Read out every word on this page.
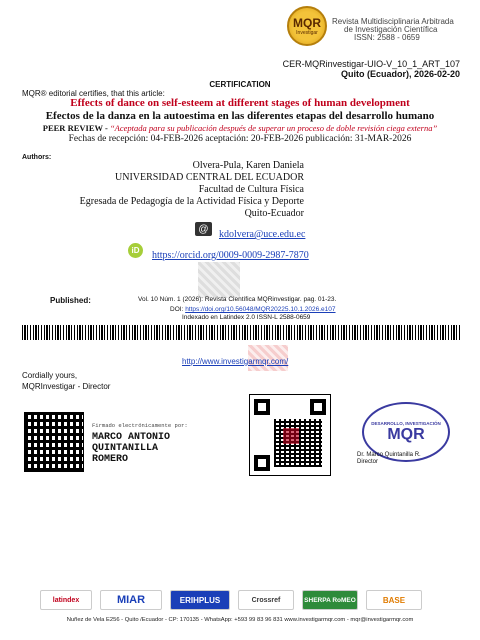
MQR
Investigar
Revista Multidisciplinaria Arbitrada
de Investigación Científica
ISSN: 2588 - 0659
CER-MQRinvestigar-UIO-V_10_1_ART_107
Quito (Ecuador), 2026-02-20
CERTIFICATION
MQR® editorial certifies, that this article:
Effects of dance on self-esteem at different stages of human development
Efectos de la danza en la autoestima en las diferentes etapas del desarrollo humano
PEER REVIEW - “Aceptada para su publicación después de superar un proceso de doble revisión ciega externa”
Fechas de recepción: 04-FEB-2026 aceptación: 20-FEB-2026 publicación: 31-MAR-2026
Authors:
Olvera-Pula, Karen Daniela
UNIVERSIDAD CENTRAL DEL ECUADOR
Facultad de Cultura Física
Egresada de Pedagogía de la Actividad Física y Deporte
Quito-Ecuador
@	kdolvera@uce.edu.ec
iD	https://orcid.org/0009-0009-2987-7870
Published:	Vol. 10 Núm. 1 (2026): Revista Científica MQRinvestigar. pag. 01-23.
DOI: https://doi.org/10.56048/MQR20225.10.1.2026.e107
Indexado en Latindex 2.0 ISSN-L 2588-0659
http://www.investigarmqr.com/
Cordially yours,
MQRInvestigar - Director
Firmado electrónicamente por:
MARCO ANTONIO
QUINTANILLA
ROMERO
DESARROLLO, INVESTIGACIÓN
MQR
Dr. Marco Quintanilla R.
Director
latindex	MIAR	ERIHPLUS	Crossref	SHERPA RoMEO	BASE
Nuñez de Vela E256 - Quito /Ecuador - CP: 170135 - WhatsApp: +593 99 83 96 831 www.investigarmqr.com - mqr@investigarmqr.com
